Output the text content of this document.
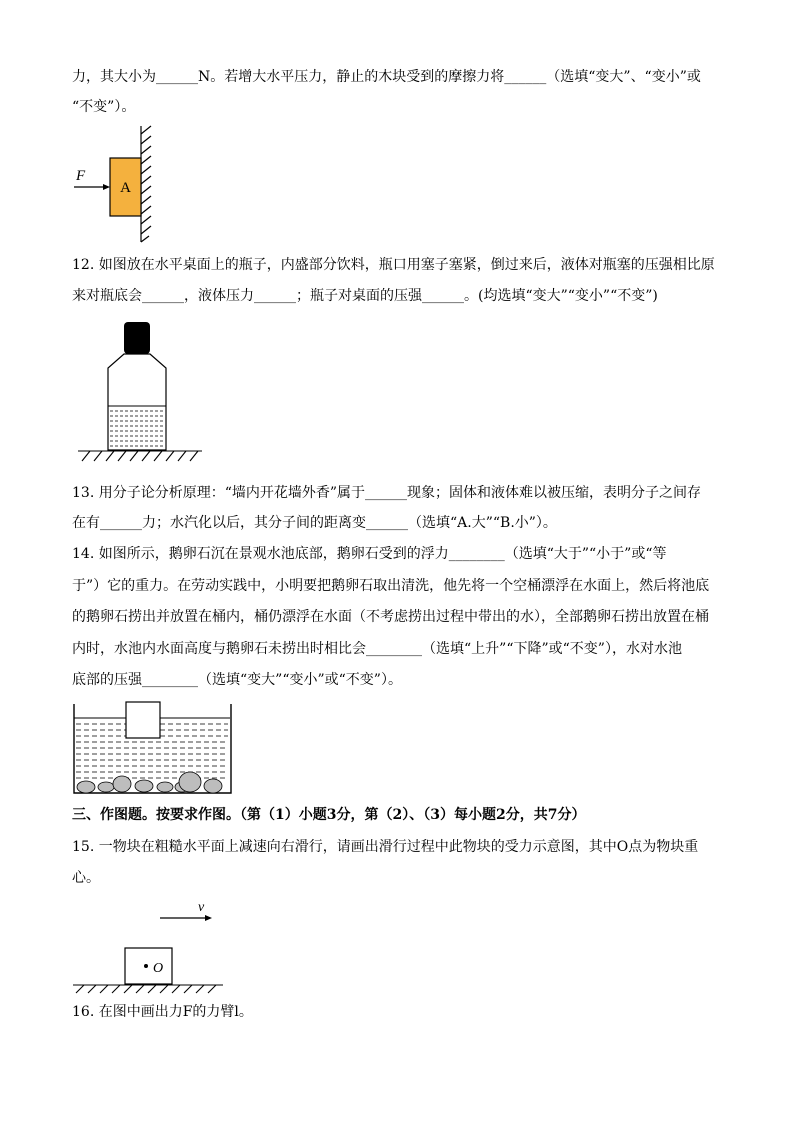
力，其大小为______N。若增大水平压力，静止的木块受到的摩擦力将______（选填“变大”、“变小”或
“不变”）。
A
F
12. 如图放在水平桌面上的瓶子，内盛部分饮料，瓶口用塞子塞紧，倒过来后，液体对瓶塞的压强相比原
来对瓶底会______，液体压力______；瓶子对桌面的压强______。(均选填“变大”“变小”“不变”)
13. 用分子论分析原理：“墙内开花墙外香”属于______现象；固体和液体难以被压缩，表明分子之间存
在有______力；水汽化以后，其分子间的距离变______（选填“A.大”“B.小”）。
14. 如图所示，鹅卵石沉在景观水池底部，鹅卵石受到的浮力________（选填“大于”“小于”或“等
于”）它的重力。在劳动实践中，小明要把鹅卵石取出清洗，他先将一个空桶漂浮在水面上，然后将池底
的鹅卵石捞出并放置在桶内，桶仍漂浮在水面（不考虑捞出过程中带出的水），全部鹅卵石捞出放置在桶
内时，水池内水面高度与鹅卵石未捞出时相比会________（选填“上升”“下降”或“不变”），水对水池
底部的压强________（选填“变大”“变小”或“不变”）。
三、作图题。按要求作图。（第（1）小题3分，第（2）、（3）每小题2分，共7分）
15. 一物块在粗糙水平面上减速向右滑行，请画出滑行过程中此物块的受力示意图，其中O点为物块重
心。
v
O
16. 在图中画出力F的力臂l。
